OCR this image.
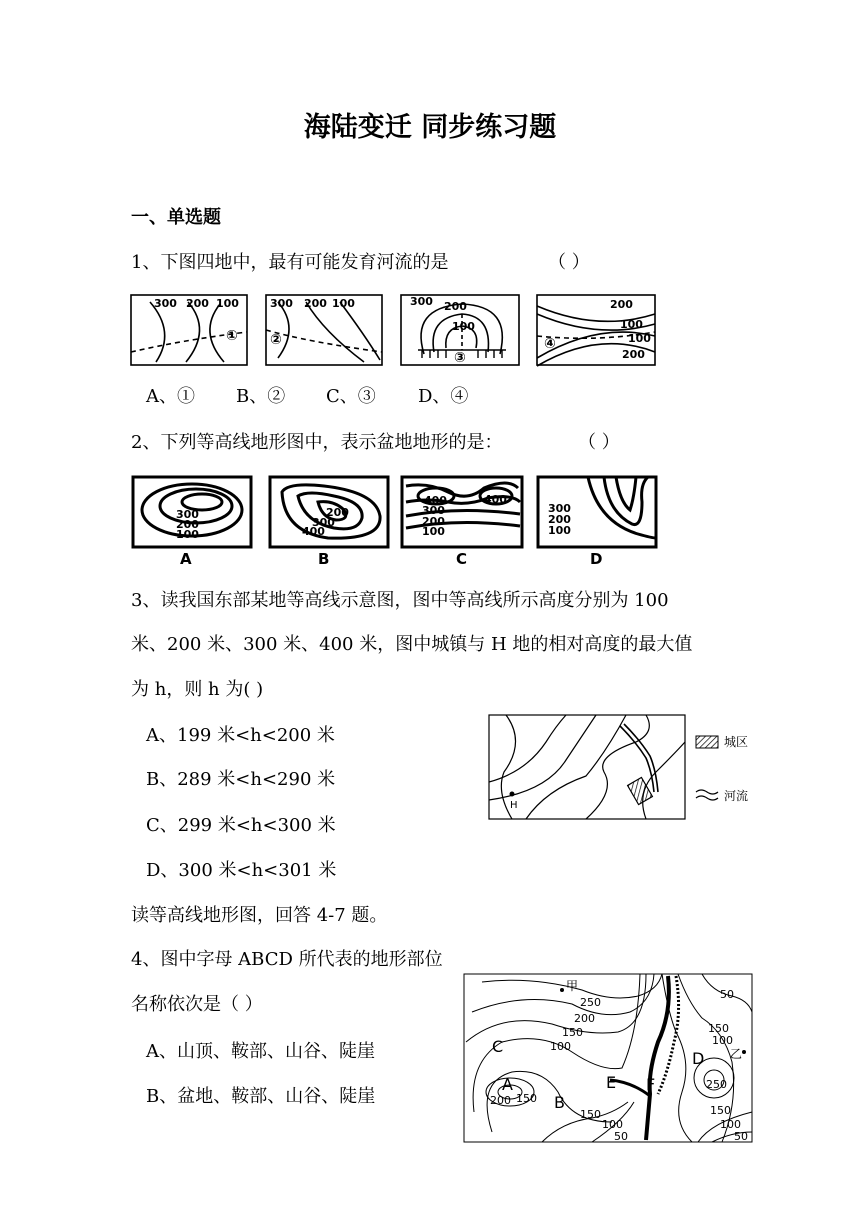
海陆变迁 同步练习题
一、单选题
1、下图四地中，最有可能发育河流的是	（ ）
300 200 100
①
300 200 100
②
300 200
100
③
200
100
100
200
④
A、① B、② C、③ D、④
2、下列等高线地形图中，表示盆地地形的是：	（ ）
300
200
100
A
200
300
400
B
400	400
300
200
100
C
300
200
100
D
3、读我国东部某地等高线示意图，图中等高线所示高度分别为 100
米、200 米、300 米、400 米，图中城镇与 H 地的相对高度的最大值
为 h，则 h 为( )
A、199 米<h<200 米
B、289 米<h<290 米
C、299 米<h<300 米
D、300 米<h<301 米
H
城区
河流
读等高线地形图，回答 4-7 题。
4、图中字母 ABCD 所代表的地形部位
名称依次是（ ）
A、山顶、鞍部、山谷、陡崖
B、盆地、鞍部、山谷、陡崖
甲
乙
C
A
B
D
E F
250
200
150
100
200 150
150
100
50
50
150
100
250
150
100
50
